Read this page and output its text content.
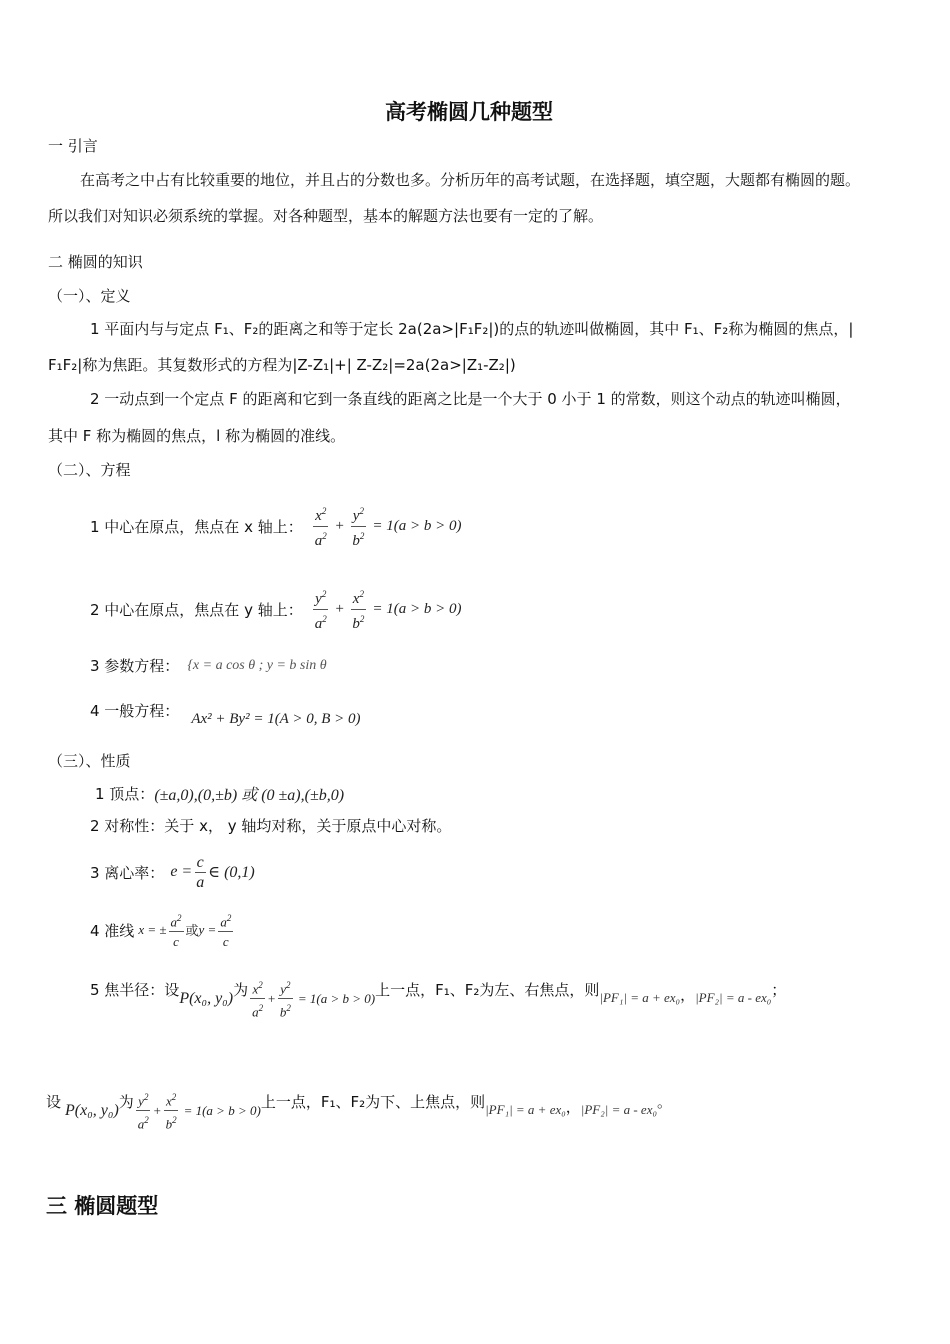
高考椭圆几种题型
一 引言
在高考之中占有比较重要的地位，并且占的分数也多。分析历年的高考试题，在选择题，填空题，大题都有椭圆的题。
所以我们对知识必须系统的掌握。对各种题型，基本的解题方法也要有一定的了解。
二 椭圆的知识
（一）、定义
1 平面内与与定点 F₁、F₂的距离之和等于定长 2a(2a>|F₁F₂|)的点的轨迹叫做椭圆，其中 F₁、F₂称为椭圆的焦点，|
F₁F₂|称为焦距。其复数形式的方程为|Z-Z₁|+| Z-Z₂|=2a(2a>|Z₁-Z₂|)
2 一动点到一个定点 F 的距离和它到一条直线的距离之比是一个大于 0 小于 1 的常数，则这个动点的轨迹叫椭圆，
其中 F 称为椭圆的焦点，l 称为椭圆的准线。
（二）、方程
1 中心在原点，焦点在 x 轴上： $\frac{x^2}{a^2} + \frac{y^2}{b^2} = 1(a > b > 0)$
2 中心在原点，焦点在 y 轴上： $\frac{y^2}{a^2} + \frac{x^2}{b^2} = 1(a > b > 0)$
3 参数方程： {x = a cos θ ; y = b sin θ
4 一般方程： Ax² + By² = 1(A > 0, B > 0)
（三）、性质
1 顶点： (±a,0),(0,±b) 或 (0 ±a),(±b,0)
2 对称性：关于 x， y 轴均对称，关于原点中心对称。
3 离心率： $e = \frac{c}{a}$ ∈ (0,1)
4 准线 x = ± $\frac{a^2}{c}$ 或 $y = \frac{a^2}{c}$
5 焦半径：设 P(x₀, y₀) 为 $\frac{x^2}{a^2} + \frac{y^2}{b^2} = 1(a > b > 0)$ 上一点，F₁、F₂为左、右焦点，则 |PF₁| = a + ex₀ ， |PF₂| = a - ex₀ ；
设 P(x₀, y₀) 为 $\frac{y^2}{a^2} + \frac{x^2}{b^2} = 1(a > b > 0)$ 上一点，F₁、F₂为下、上焦点，则 |PF₁| = a + ex₀ ， |PF₂| = a - ex₀ 。
三 椭圆题型
